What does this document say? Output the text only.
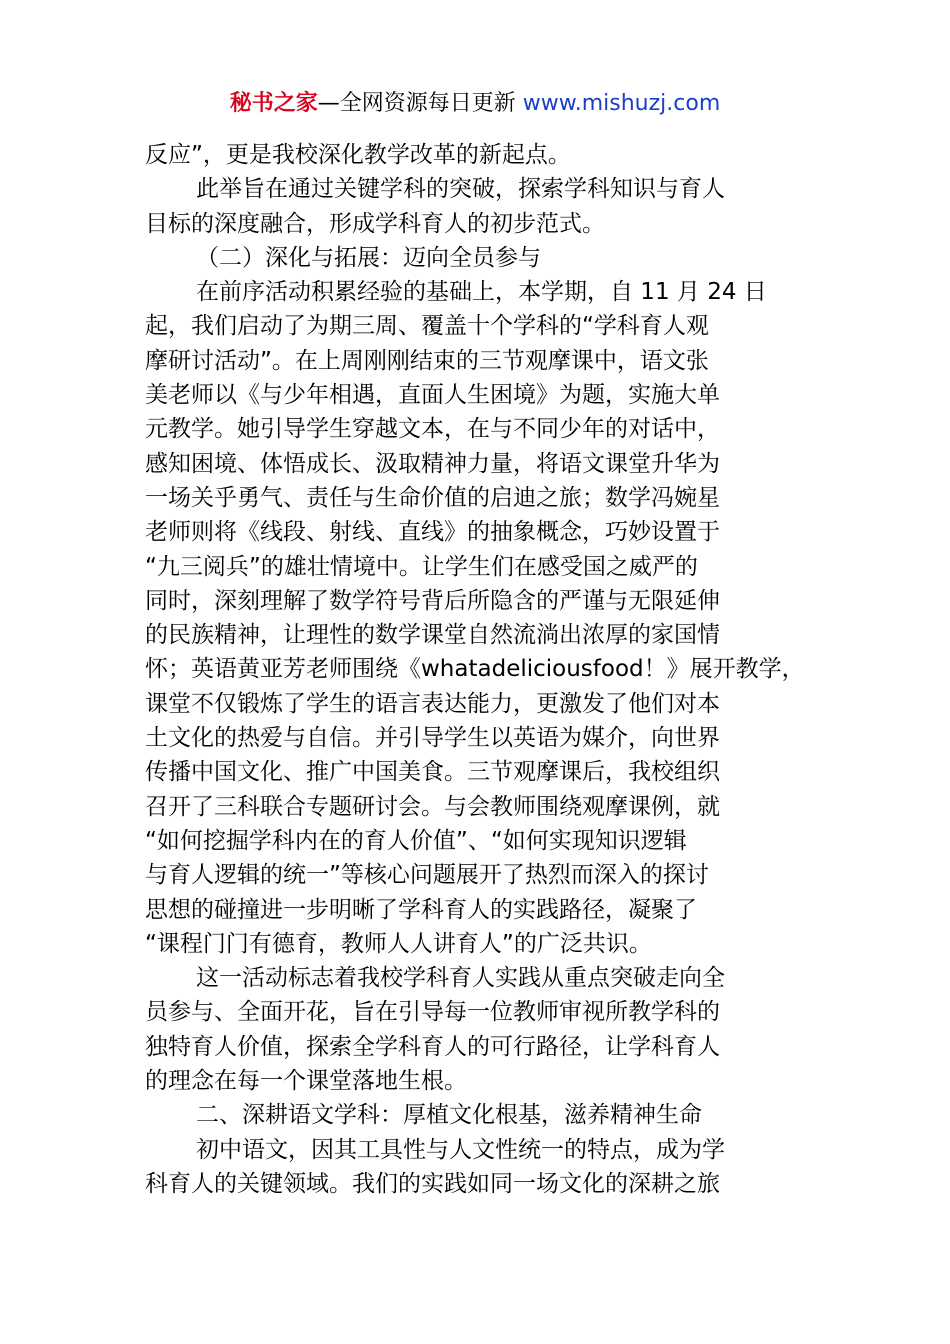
秘书之家—全网资源每日更新 www.mishuzj.com

反应”，更是我校深化教学改革的新起点。

此举旨在通过关键学科的突破，探索学科知识与育人

目标的深度融合，形成学科育人的初步范式。

（二）深化与拓展：迈向全员参与

在前序活动积累经验的基础上，本学期，自 11 月 24 日

起，我们启动了为期三周、覆盖十个学科的“学科育人观

摩研讨活动”。在上周刚刚结束的三节观摩课中，语文张

美老师以《与少年相遇，直面人生困境》为题，实施大单

元教学。她引导学生穿越文本，在与不同少年的对话中，

感知困境、体悟成长、汲取精神力量，将语文课堂升华为

一场关乎勇气、责任与生命价值的启迪之旅；数学冯婉星

老师则将《线段、射线、直线》的抽象概念，巧妙设置于

“九三阅兵”的雄壮情境中。让学生们在感受国之威严的

同时，深刻理解了数学符号背后所隐含的严谨与无限延伸

的民族精神，让理性的数学课堂自然流淌出浓厚的家国情

怀；英语黄亚芳老师围绕《whatadeliciousfood！》展开教学，

课堂不仅锻炼了学生的语言表达能力，更激发了他们对本

土文化的热爱与自信。并引导学生以英语为媒介，向世界

传播中国文化、推广中国美食。三节观摩课后，我校组织

召开了三科联合专题研讨会。与会教师围绕观摩课例，就

“如何挖掘学科内在的育人价值”、“如何实现知识逻辑

与育人逻辑的统一”等核心问题展开了热烈而深入的探讨

思想的碰撞进一步明晰了学科育人的实践路径，凝聚了

“课程门门有德育，教师人人讲育人”的广泛共识。

这一活动标志着我校学科育人实践从重点突破走向全

员参与、全面开花，旨在引导每一位教师审视所教学科的

独特育人价值，探索全学科育人的可行路径，让学科育人

的理念在每一个课堂落地生根。

二、深耕语文学科：厚植文化根基，滋养精神生命

初中语文，因其工具性与人文性统一的特点，成为学

科育人的关键领域。我们的实践如同一场文化的深耕之旅
